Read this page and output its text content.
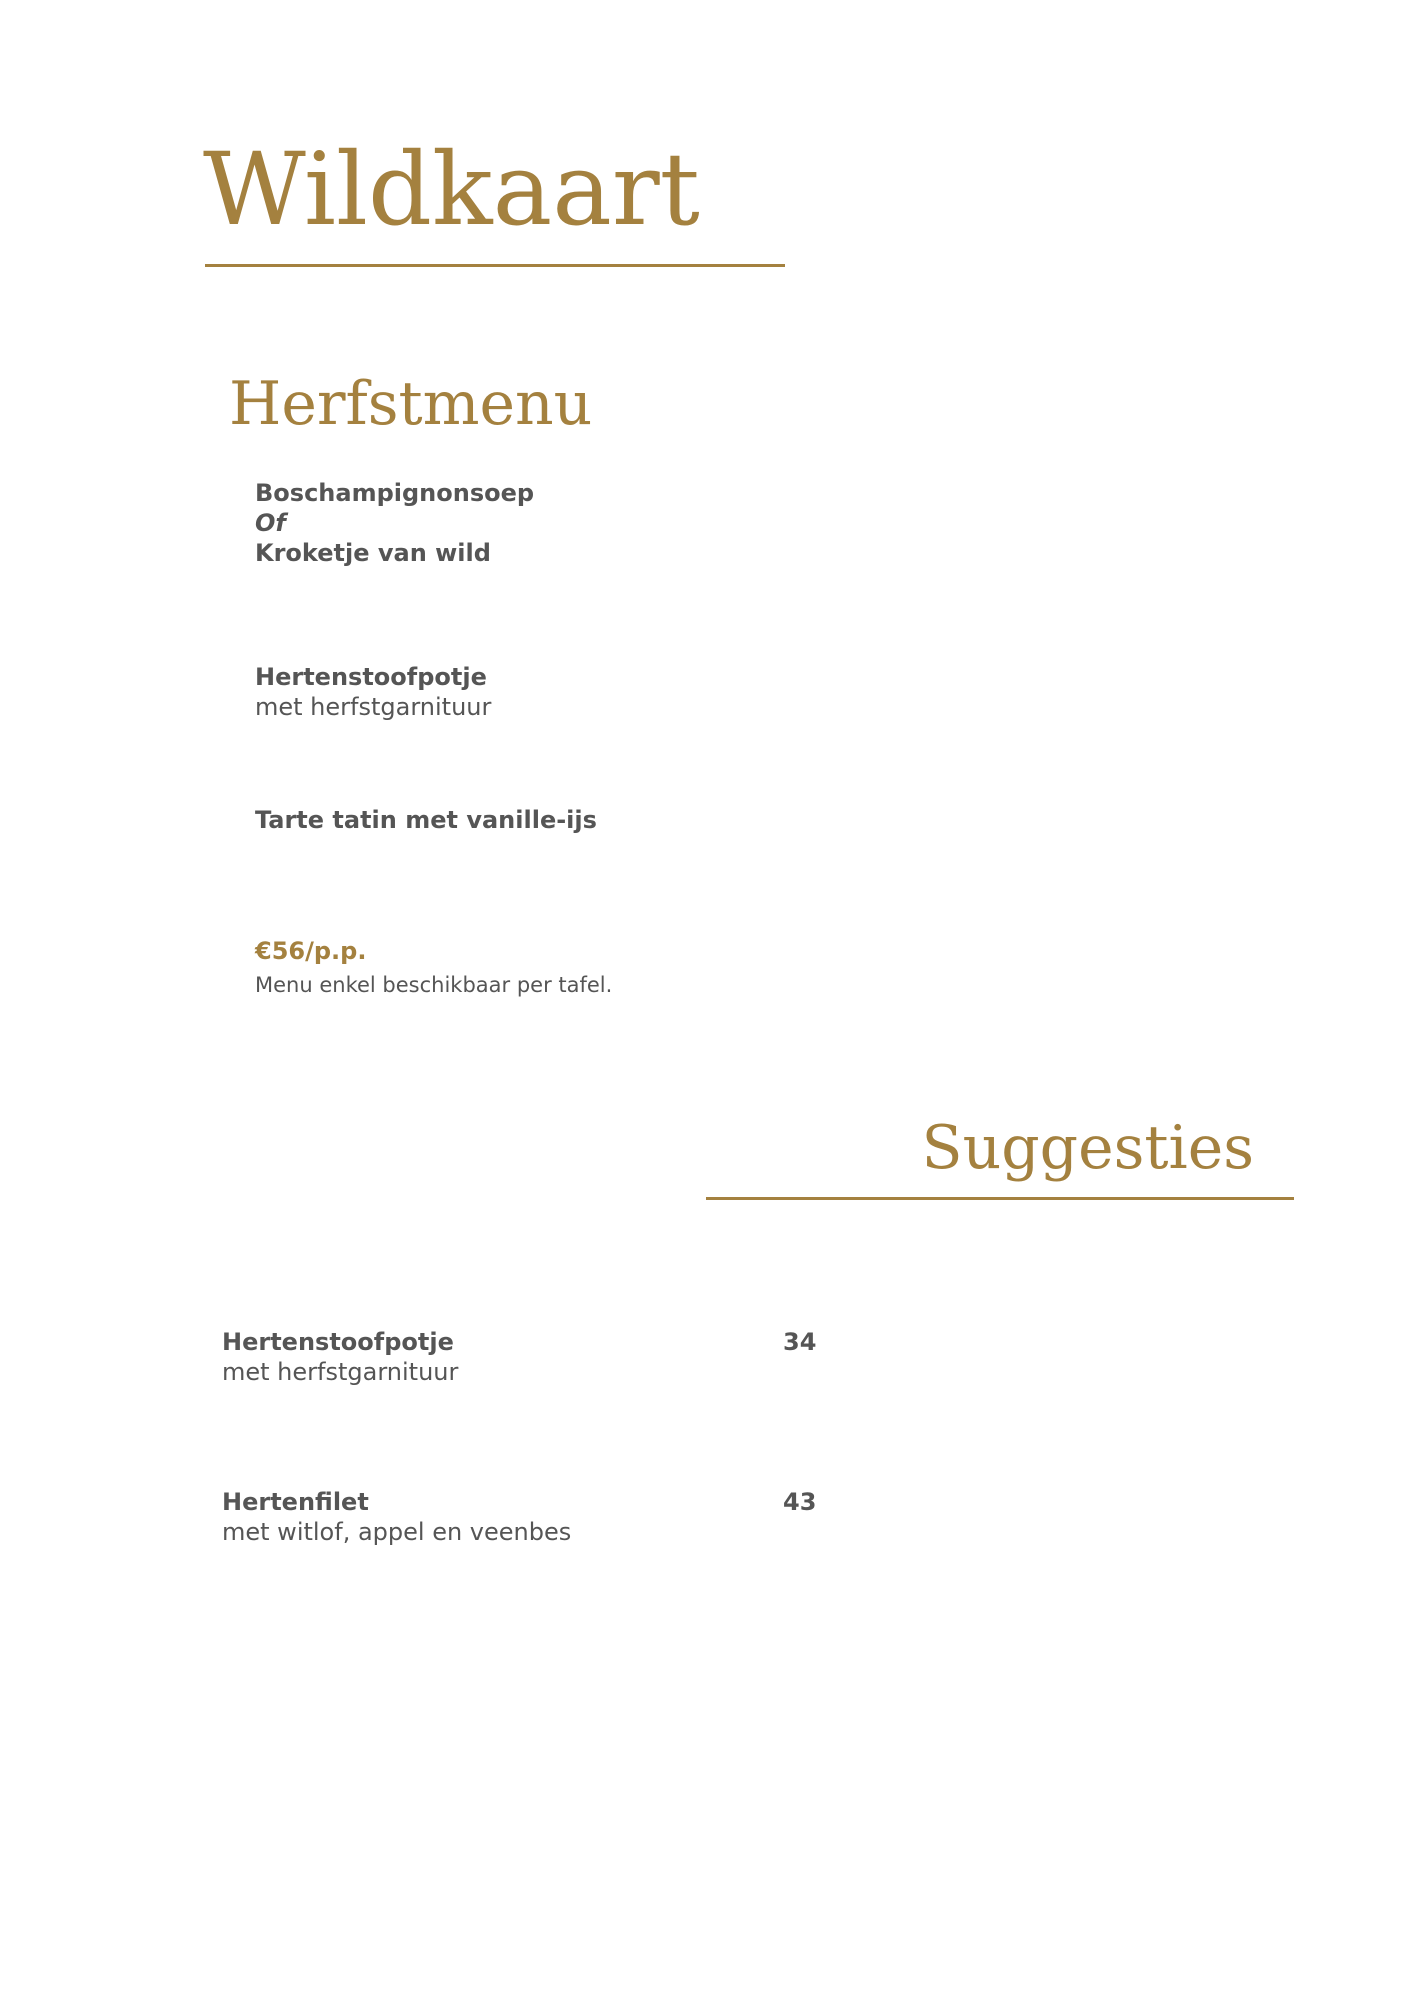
Wildkaart
Herfstmenu
Boschampignonsoep
Of
Kroketje van wild
Hertenstoofpotje
met herfstgarnituur
Tarte tatin met vanille-ijs
€56/p.p.
Menu enkel beschikbaar per tafel.
Suggesties
Hertenstoofpotje
met herfstgarnituur
34
Hertenfilet
met witlof, appel en veenbes
43
